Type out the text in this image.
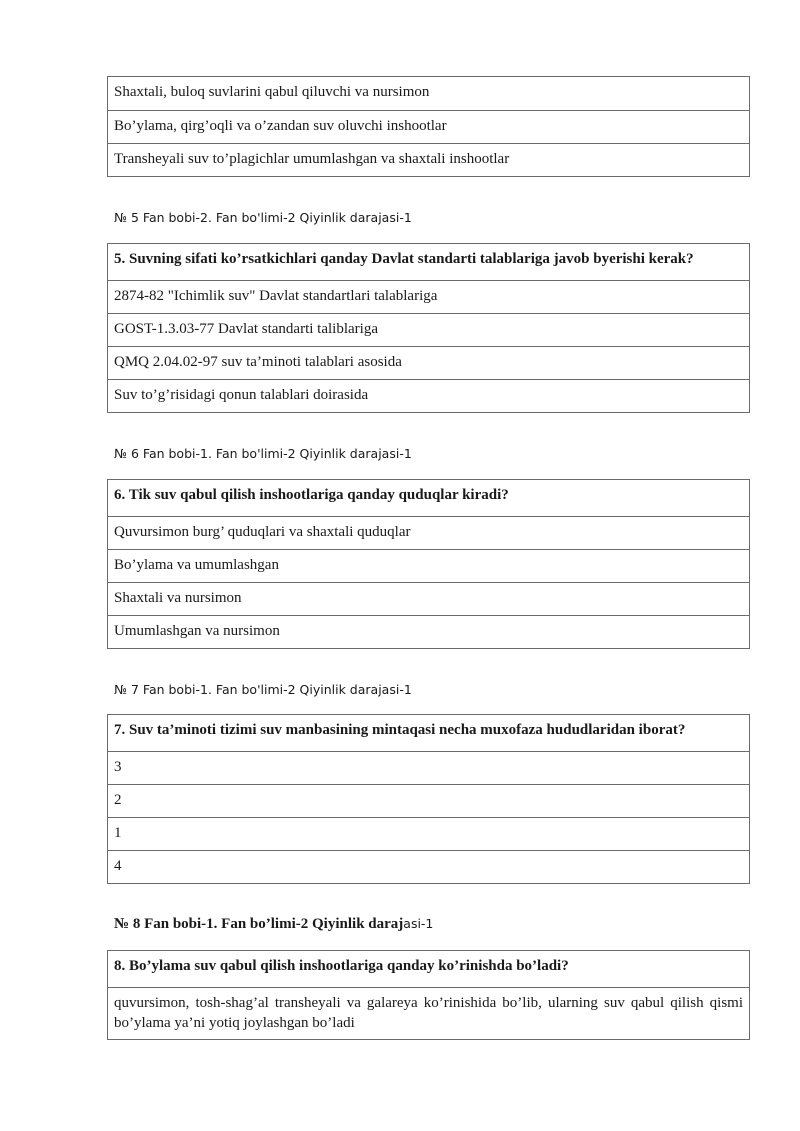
Shaxtali, buloq suvlarini qabul qiluvchi va nursimon
Bo’ylama, qirg’oqli va o’zandan suv oluvchi inshootlar
Transheyali suv to’plagichlar umumlashgan va shaxtali inshootlar
№ 5 Fan bobi-2. Fan bo'limi-2 Qiyinlik darajasi-1
5. Suvning sifati ko’rsatkichlari qanday Davlat standarti talablariga javob byerishi kerak?
2874-82 "Ichimlik suv" Davlat standartlari talablariga
GOST-1.3.03-77 Davlat standarti taliblariga
QMQ 2.04.02-97 suv ta’minoti talablari asosida
Suv to’g’risidagi qonun talablari doirasida
№ 6 Fan bobi-1. Fan bo'limi-2 Qiyinlik darajasi-1
6. Tik suv qabul qilish inshootlariga qanday quduqlar kiradi?
Quvursimon burg’ quduqlari va shaxtali quduqlar
Bo’ylama va umumlashgan
Shaxtali va nursimon
Umumlashgan va nursimon
№ 7 Fan bobi-1. Fan bo'limi-2 Qiyinlik darajasi-1
7. Suv ta’minoti tizimi suv manbasining mintaqasi necha muxofaza hududlaridan iborat?
3
2
1
4
№ 8 Fan bobi-1. Fan bo’limi-2 Qiyinlik darajasi-1
8. Bo’ylama suv qabul qilish inshootlariga qanday ko’rinishda bo’ladi?
quvursimon, tosh-shag’al transheyali va galareya ko’rinishida bo’lib, ularning suv qabul qilish qismi bo’ylama ya’ni yotiq joylashgan bo’ladi
